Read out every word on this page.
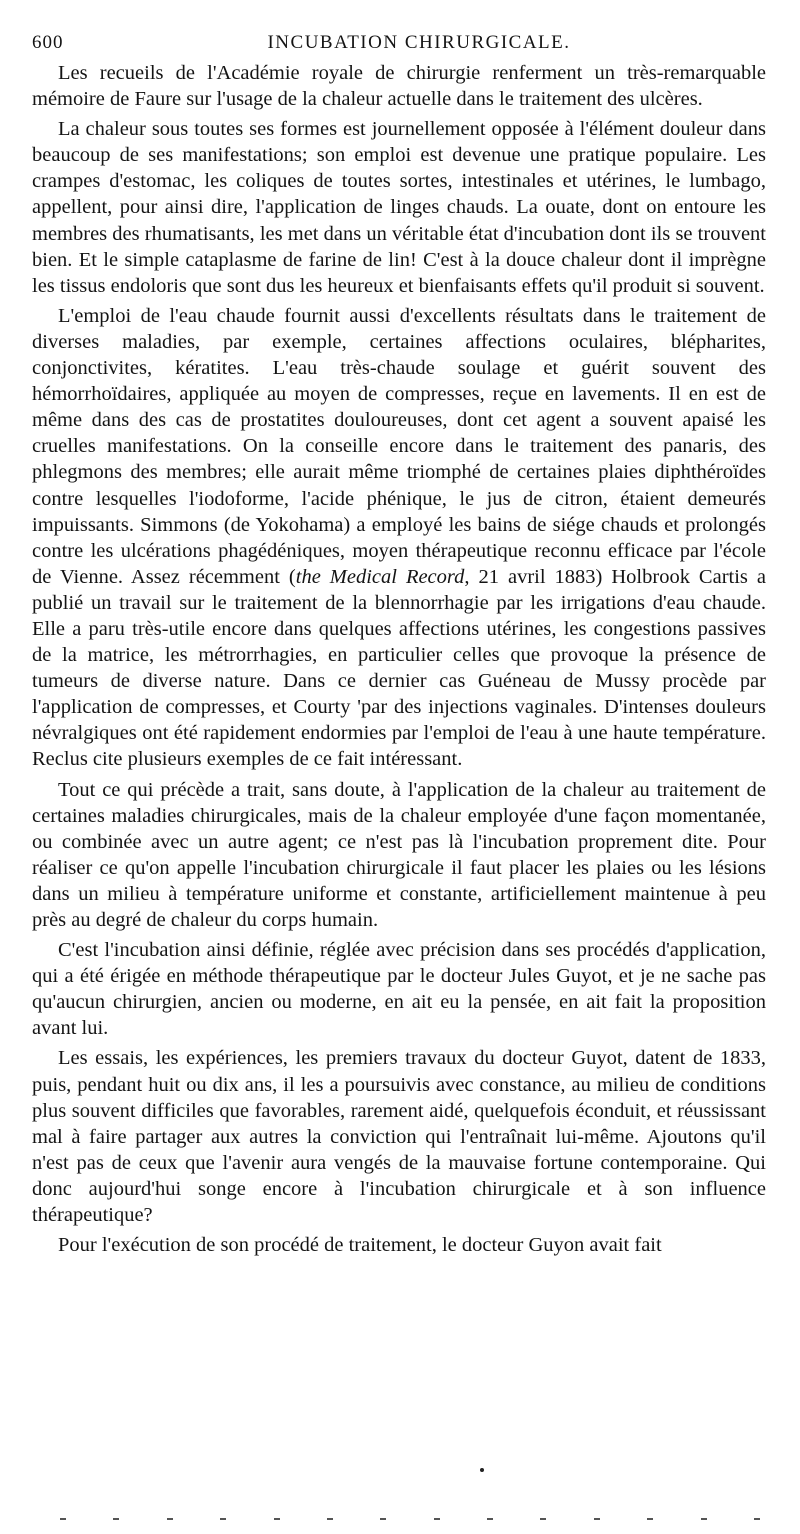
600	INCUBATION CHIRURGICALE.

Les recueils de l'Académie royale de chirurgie renferment un très-remarquable mémoire de Faure sur l'usage de la chaleur actuelle dans le traitement des ulcères.

La chaleur sous toutes ses formes est journellement opposée à l'élément douleur dans beaucoup de ses manifestations; son emploi est devenue une pratique populaire. Les crampes d'estomac, les coliques de toutes sortes, intestinales et utérines, le lumbago, appellent, pour ainsi dire, l'application de linges chauds. La ouate, dont on entoure les membres des rhumatisants, les met dans un véritable état d'incubation dont ils se trouvent bien. Et le simple cataplasme de farine de lin! C'est à la douce chaleur dont il imprègne les tissus endoloris que sont dus les heureux et bienfaisants effets qu'il produit si souvent.

L'emploi de l'eau chaude fournit aussi d'excellents résultats dans le traitement de diverses maladies, par exemple, certaines affections oculaires, blépharites, conjonctivites, kératites. L'eau très-chaude soulage et guérit souvent des hémorrhoïdaires, appliquée au moyen de compresses, reçue en lavements. Il en est de même dans des cas de prostatites douloureuses, dont cet agent a souvent apaisé les cruelles manifestations. On la conseille encore dans le traitement des panaris, des phlegmons des membres; elle aurait même triomphé de certaines plaies diphthéroïdes contre lesquelles l'iodoforme, l'acide phénique, le jus de citron, étaient demeurés impuissants. Simmons (de Yokohama) a employé les bains de siége chauds et prolongés contre les ulcérations phagédéniques, moyen thérapeutique reconnu efficace par l'école de Vienne. Assez récemment (the Medical Record, 21 avril 1883) Holbrook Cartis a publié un travail sur le traitement de la blennorrhagie par les irrigations d'eau chaude. Elle a paru très-utile encore dans quelques affections utérines, les congestions passives de la matrice, les métrorrhagies, en particulier celles que provoque la présence de tumeurs de diverse nature. Dans ce dernier cas Guéneau de Mussy procède par l'application de compresses, et Courty 'par des injections vaginales. D'intenses douleurs névralgiques ont été rapidement endormies par l'emploi de l'eau à une haute température. Reclus cite plusieurs exemples de ce fait intéressant.

Tout ce qui précède a trait, sans doute, à l'application de la chaleur au traitement de certaines maladies chirurgicales, mais de la chaleur employée d'une façon momentanée, ou combinée avec un autre agent; ce n'est pas là l'incubation proprement dite. Pour réaliser ce qu'on appelle l'incubation chirurgicale il faut placer les plaies ou les lésions dans un milieu à température uniforme et constante, artificiellement maintenue à peu près au degré de chaleur du corps humain.

C'est l'incubation ainsi définie, réglée avec précision dans ses procédés d'application, qui a été érigée en méthode thérapeutique par le docteur Jules Guyot, et je ne sache pas qu'aucun chirurgien, ancien ou moderne, en ait eu la pensée, en ait fait la proposition avant lui.

Les essais, les expériences, les premiers travaux du docteur Guyot, datent de 1833, puis, pendant huit ou dix ans, il les a poursuivis avec constance, au milieu de conditions plus souvent difficiles que favorables, rarement aidé, quelquefois éconduit, et réussissant mal à faire partager aux autres la conviction qui l'entraînait lui-même. Ajoutons qu'il n'est pas de ceux que l'avenir aura vengés de la mauvaise fortune contemporaine. Qui donc aujourd'hui songe encore à l'incubation chirurgicale et à son influence thérapeutique?

Pour l'exécution de son procédé de traitement, le docteur Guyon avait fait
